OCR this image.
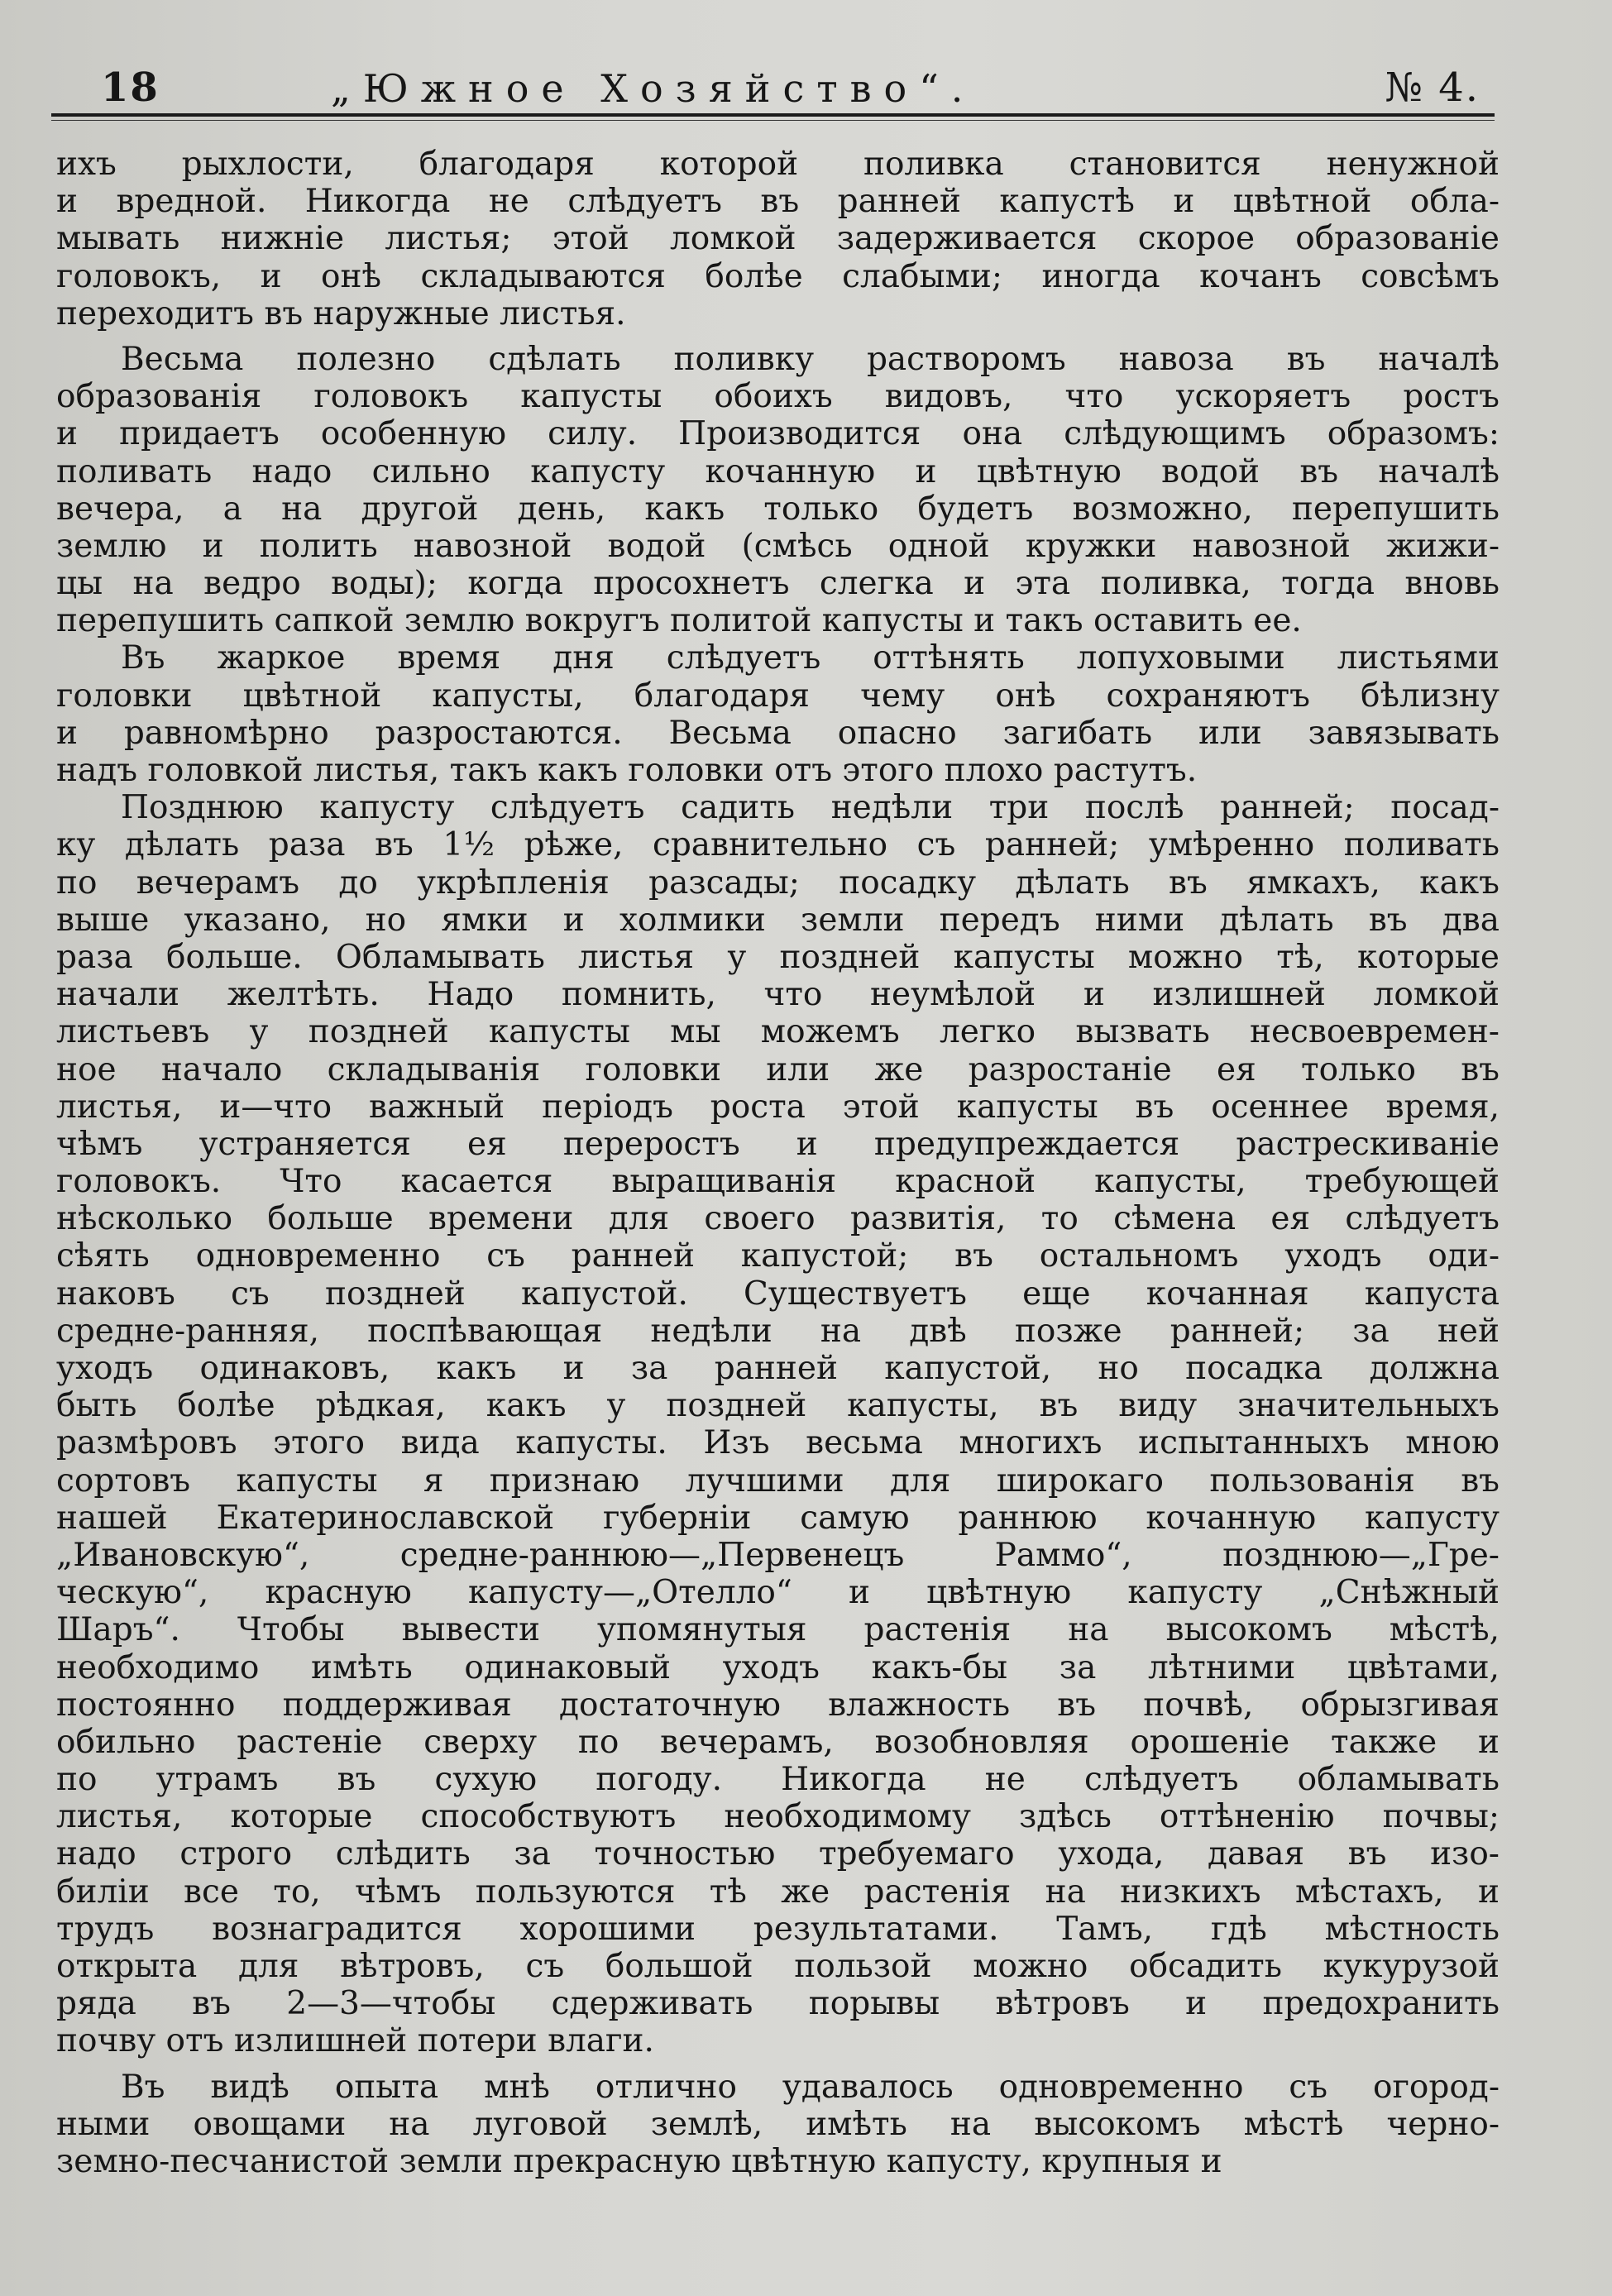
18	„Южное Хозяйство“.	№ 4.
ихъ рыхлости, благодаря которой поливка становится ненужной
и вредной. Никогда не слѣдуетъ въ ранней капустѣ и цвѣтной обла-
мывать нижніе листья; этой ломкой задерживается скорое образованіе
головокъ, и онѣ складываются болѣе слабыми; иногда кочанъ совсѣмъ
переходитъ въ наружные листья.
Весьма полезно сдѣлать поливку растворомъ навоза въ началѣ
образованія головокъ капусты обоихъ видовъ, что ускоряетъ ростъ
и придаетъ особенную силу. Производится она слѣдующимъ образомъ:
поливать надо сильно капусту кочанную и цвѣтную водой въ началѣ
вечера, а на другой день, какъ только будетъ возможно, перепушить
землю и полить навозной водой (смѣсь одной кружки навозной жижи-
цы на ведро воды); когда просохнетъ слегка и эта поливка, тогда вновь
перепушить сапкой землю вокругъ политой капусты и такъ оставить ее.
Въ жаркое время дня слѣдуетъ оттѣнять лопуховыми листьями
головки цвѣтной капусты, благодаря чему онѣ сохраняютъ бѣлизну
и равномѣрно разростаются. Весьма опасно загибать или завязывать
надъ головкой листья, такъ какъ головки отъ этого плохо растутъ.
Позднюю капусту слѣдуетъ садить недѣли три послѣ ранней; посад-
ку дѣлать раза въ 1½ рѣже, сравнительно съ ранней; умѣренно поливать
по вечерамъ до укрѣпленія разсады; посадку дѣлать въ ямкахъ, какъ
выше указано, но ямки и холмики земли передъ ними дѣлать въ два
раза больше. Обламывать листья у поздней капусты можно тѣ, которые
начали желтѣть. Надо помнить, что неумѣлой и излишней ломкой
листьевъ у поздней капусты мы можемъ легко вызвать несвоевремен-
ное начало складыванія головки или же разростаніе ея только въ
листья, и—что важный періодъ роста этой капусты въ осеннее время,
чѣмъ устраняется ея переростъ и предупреждается растрескиваніе
головокъ. Что касается выращиванія красной капусты, требующей
нѣсколько больше времени для своего развитія, то сѣмена ея слѣдуетъ
сѣять одновременно съ ранней капустой; въ остальномъ уходъ оди-
наковъ съ поздней капустой. Существуетъ еще кочанная капуста
средне-ранняя, поспѣвающая недѣли на двѣ позже ранней; за ней
уходъ одинаковъ, какъ и за ранней капустой, но посадка должна
быть болѣе рѣдкая, какъ у поздней капусты, въ виду значительныхъ
размѣровъ этого вида капусты. Изъ весьма многихъ испытанныхъ мною
сортовъ капусты я признаю лучшими для широкаго пользованія въ
нашей Екатеринославской губерніи самую раннюю кочанную капусту
„Ивановскую“, средне-раннюю—„Первенецъ Раммо“, позднюю—„Гре-
ческую“, красную капусту—„Отелло“ и цвѣтную капусту „Снѣжный
Шаръ“. Чтобы вывести упомянутыя растенія на высокомъ мѣстѣ,
необходимо имѣть одинаковый уходъ какъ-бы за лѣтними цвѣтами,
постоянно поддерживая достаточную влажность въ почвѣ, обрызгивая
обильно растеніе сверху по вечерамъ, возобновляя орошеніе также и
по утрамъ въ сухую погоду. Никогда не слѣдуетъ обламывать
листья, которые способствуютъ необходимому здѣсь оттѣненію почвы;
надо строго слѣдить за точностью требуемаго ухода, давая въ изо-
биліи все то, чѣмъ пользуются тѣ же растенія на низкихъ мѣстахъ, и
трудъ вознаградится хорошими результатами. Тамъ, гдѣ мѣстность
открыта для вѣтровъ, съ большой пользой можно обсадить кукурузой
ряда въ 2—3—чтобы сдерживать порывы вѣтровъ и предохранить
почву отъ излишней потери влаги.
Въ видѣ опыта мнѣ отлично удавалось одновременно съ огород-
ными овощами на луговой землѣ, имѣть на высокомъ мѣстѣ черно-
земно-песчанистой земли прекрасную цвѣтную капусту, крупныя и
